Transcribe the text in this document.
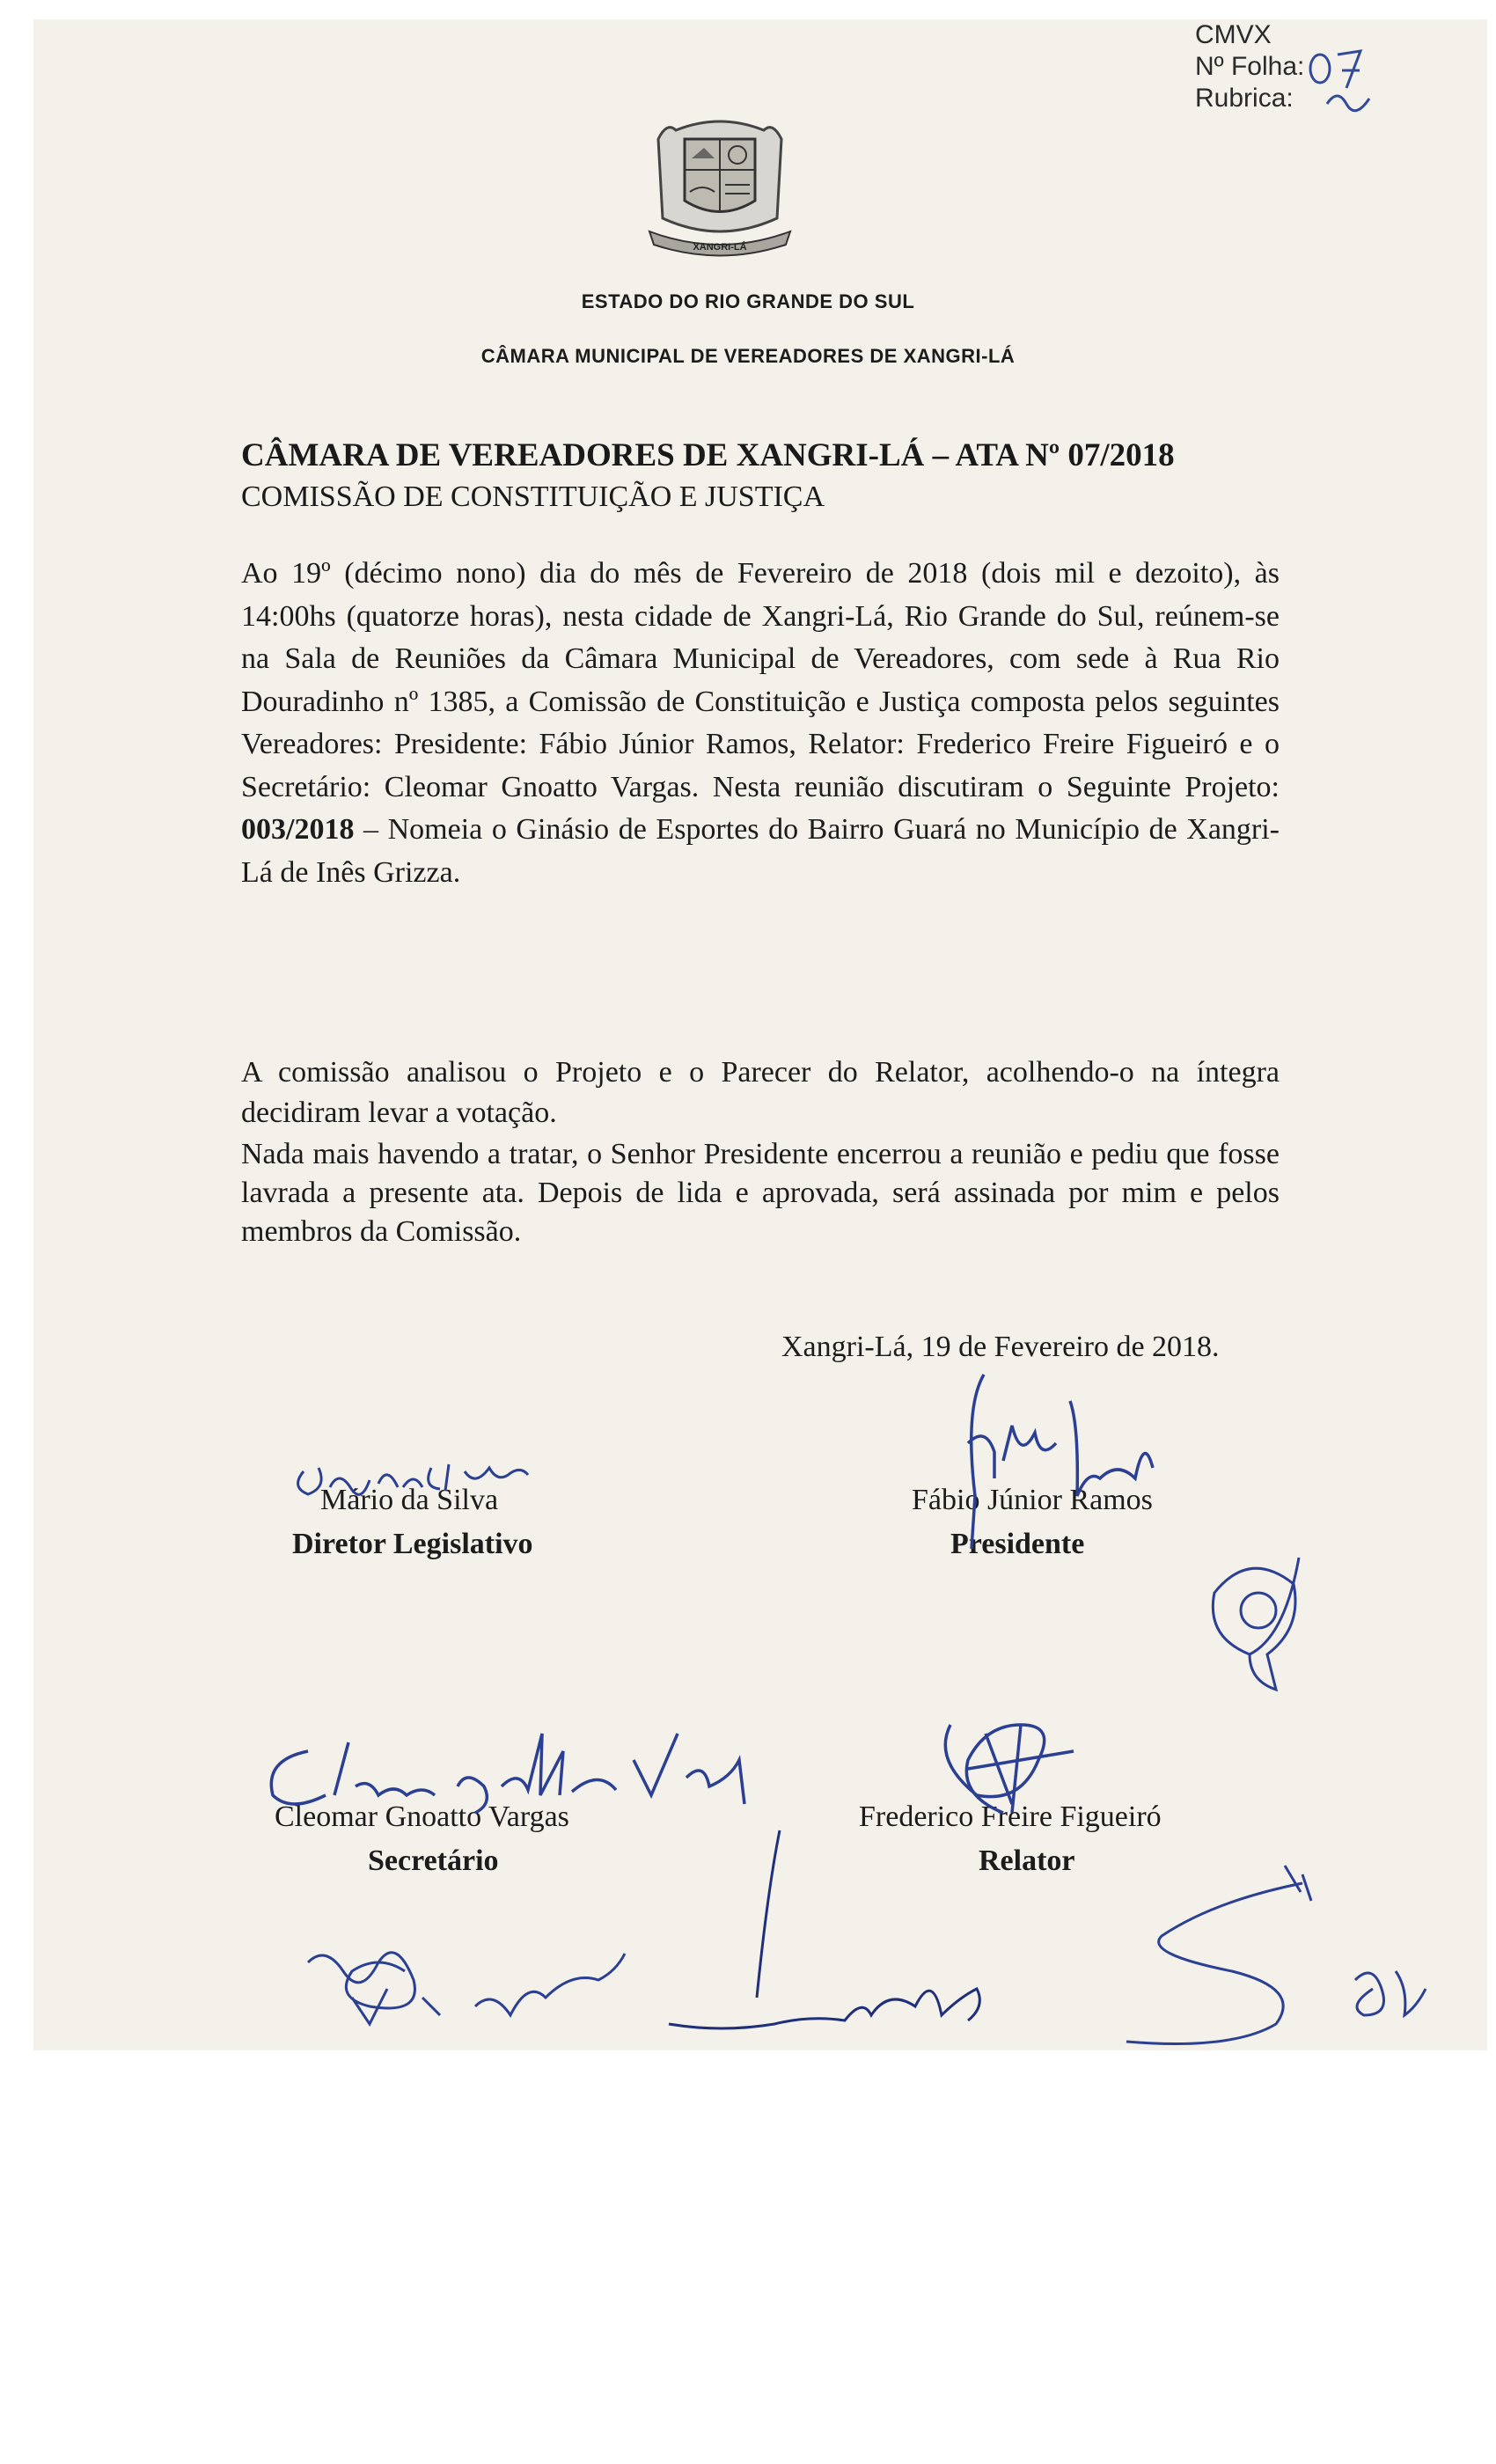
CMVX
Nº Folha:
Rubrica:
XANGRI-LÁ
ESTADO DO RIO GRANDE DO SUL
CÂMARA MUNICIPAL DE VEREADORES DE XANGRI-LÁ
CÂMARA DE VEREADORES DE XANGRI-LÁ – ATA Nº 07/2018
COMISSÃO DE CONSTITUIÇÃO E JUSTIÇA
Ao 19º (décimo nono) dia do mês de Fevereiro de 2018 (dois mil e dezoito), às 14:00hs (quatorze horas), nesta cidade de Xangri-Lá, Rio Grande do Sul, reúnem-se na Sala de Reuniões da Câmara Municipal de Vereadores, com sede à Rua Rio Douradinho nº 1385, a Comissão de Constituição e Justiça composta pelos seguintes Vereadores: Presidente: Fábio Júnior Ramos, Relator: Frederico Freire Figueiró e o Secretário: Cleomar Gnoatto Vargas. Nesta reunião discutiram o Seguinte Projeto: 003/2018 – Nomeia o Ginásio de Esportes do Bairro Guará no Município de Xangri-Lá de Inês Grizza.
A comissão analisou o Projeto e o Parecer do Relator, acolhendo-o na íntegra decidiram levar a votação.
Nada mais havendo a tratar, o Senhor Presidente encerrou a reunião e pediu que fosse lavrada a presente ata. Depois de lida e aprovada, será assinada por mim e pelos membros da Comissão.
Xangri-Lá, 19 de Fevereiro de 2018.
Mário da Silva
Diretor Legislativo
Fábio Júnior Ramos
Presidente
Cleomar Gnoatto Vargas
Secretário
Frederico Freire Figueiró
Relator
